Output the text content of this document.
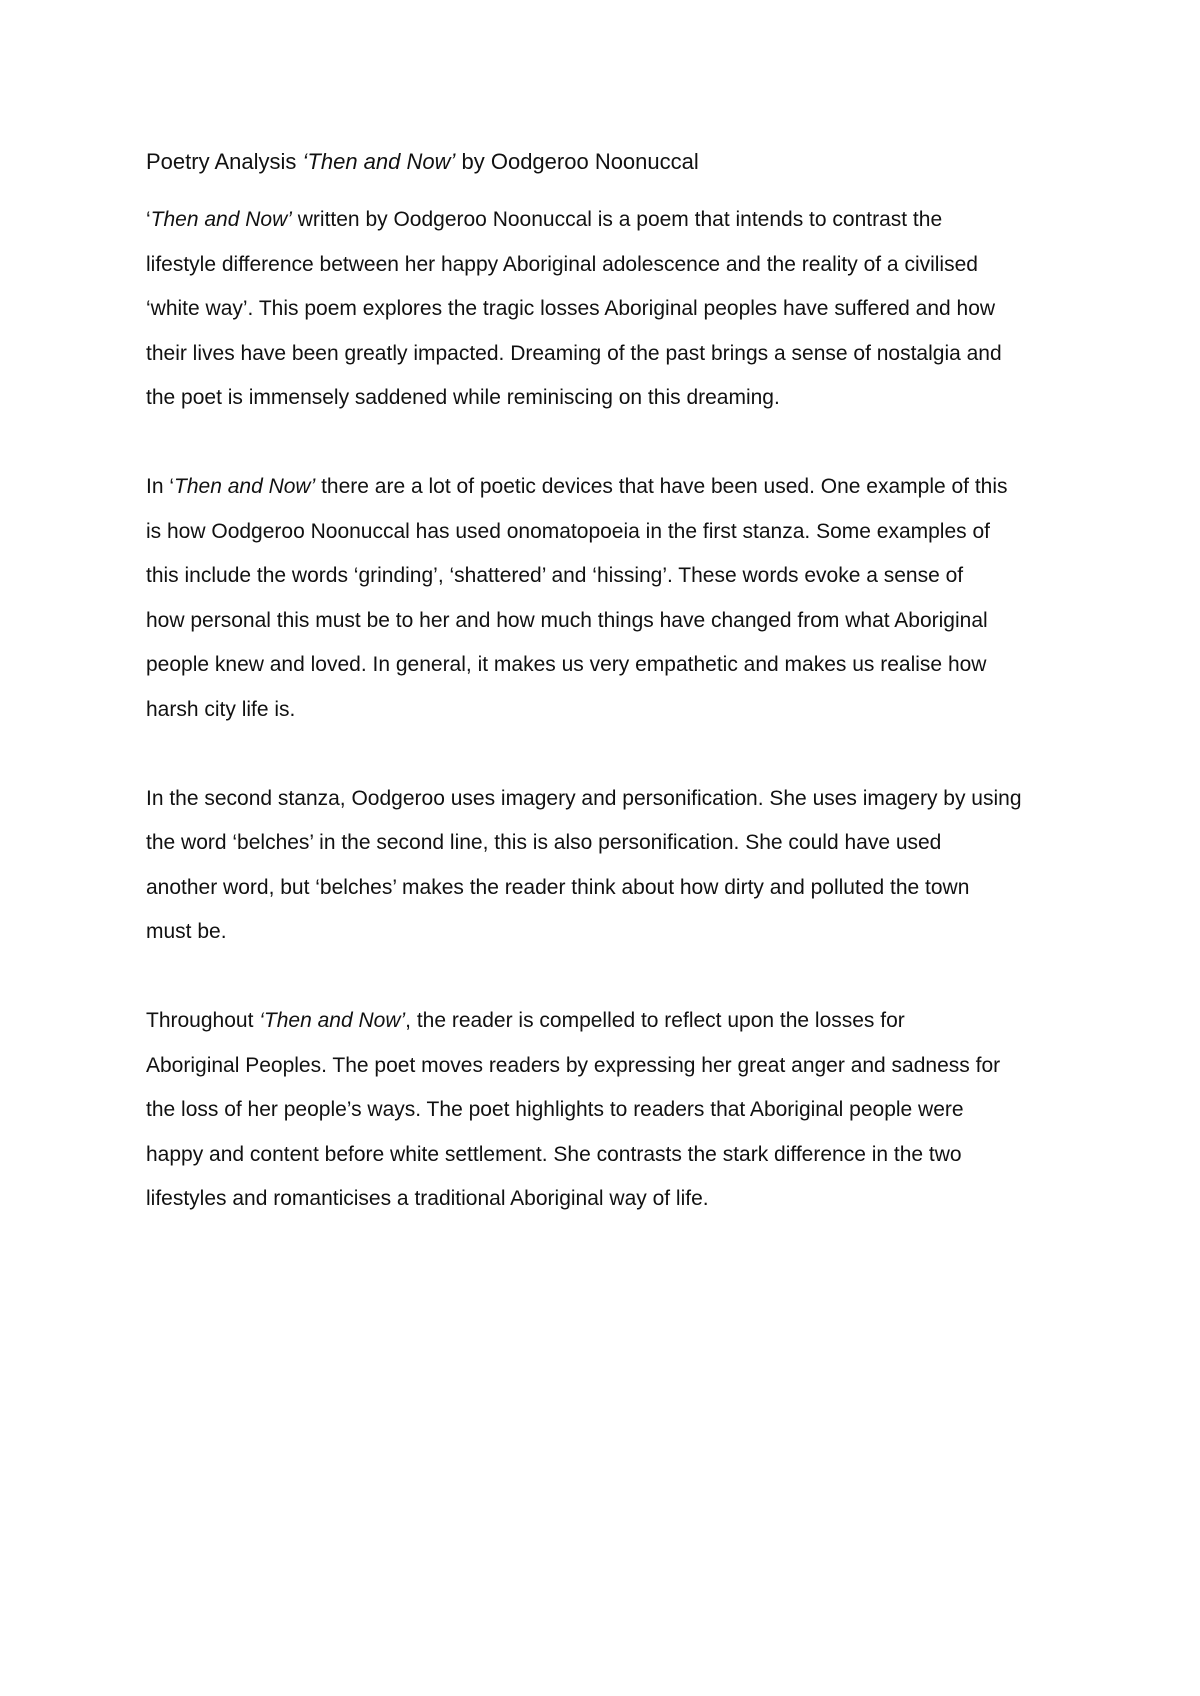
Poetry Analysis ‘Then and Now’ by Oodgeroo Noonuccal

‘Then and Now’ written by Oodgeroo Noonuccal is a poem that intends to contrast the
lifestyle difference between her happy Aboriginal adolescence and the reality of a civilised
‘white way’. This poem explores the tragic losses Aboriginal peoples have suffered and how
their lives have been greatly impacted. Dreaming of the past brings a sense of nostalgia and
the poet is immensely saddened while reminiscing on this dreaming.

In ‘Then and Now’ there are a lot of poetic devices that have been used. One example of this
is how Oodgeroo Noonuccal has used onomatopoeia in the first stanza. Some examples of
this include the words ‘grinding’, ‘shattered’ and ‘hissing’. These words evoke a sense of
how personal this must be to her and how much things have changed from what Aboriginal
people knew and loved. In general, it makes us very empathetic and makes us realise how
harsh city life is.

In the second stanza, Oodgeroo uses imagery and personification. She uses imagery by using
the word ‘belches’ in the second line, this is also personification. She could have used
another word, but ‘belches’ makes the reader think about how dirty and polluted the town
must be.

Throughout ‘Then and Now’, the reader is compelled to reflect upon the losses for
Aboriginal Peoples. The poet moves readers by expressing her great anger and sadness for
the loss of her people’s ways. The poet highlights to readers that Aboriginal people were
happy and content before white settlement. She contrasts the stark difference in the two
lifestyles and romanticises a traditional Aboriginal way of life.
